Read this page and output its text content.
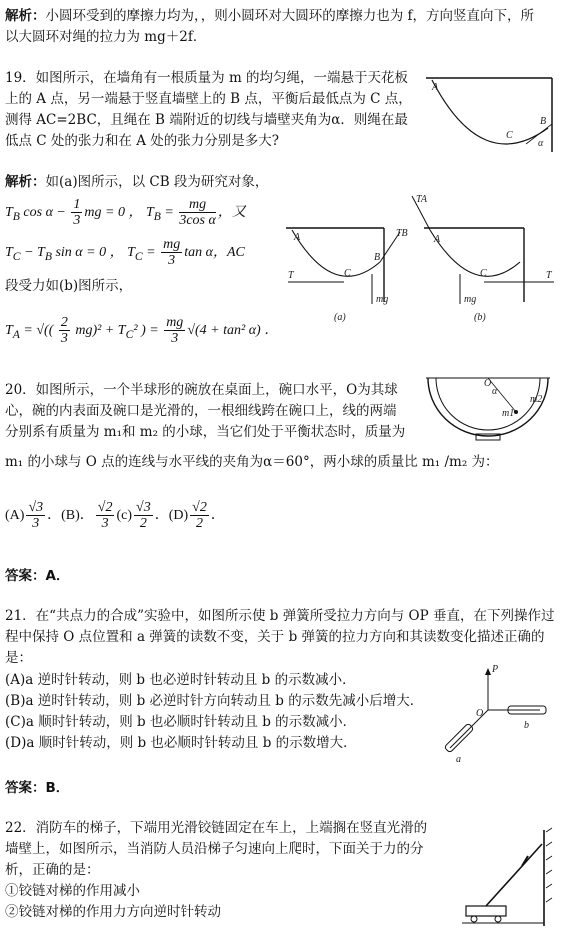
解析：小圆环受到的摩擦力均为，，则小圆环对大圆环的摩擦力也为 f，方向竖直向下，所
以大圆环对绳的拉力为 mg＋2f．
19．如图所示，在墙角有一根质量为 m 的均匀绳，一端悬于天花板
上的 A 点，另一端悬于竖直墙壁上的 B 点，平衡后最低点为 C 点，
测得 AC=2BC，且绳在 B 端附近的切线与墙壁夹角为α．则绳在最
低点 C 处的张力和在 A 处的张力分别是多大?
A
B
C
α
解析：如(a)图所示，以 CB 段为研究对象，
$T_B$ $\cos \alpha - \frac{1}{3}$ mg = 0 ， $T_B = \frac{mg}{\text{3cos α}}$ ，又
$T_C - T_B$ sin α = 0 ， $T_C = \frac{mg}{3}$ tan α，AC
段受力如(b)图所示，
$T_A$ = √(( $\frac{2}{3} mg)^2 + T_C^2$ ) = $\frac{mg}{3} √(4 + \tan^2$ α) ．
A
C
B
TB
T
mg
(a)
TA
A
C
mg
T
(b)
20．如图所示，一个半球形的碗放在桌面上，碗口水平，O为其球
心，碗的内表面及碗口是光滑的，一根细线跨在碗口上，线的两端
分别系有质量为 m₁和 m₂ 的小球，当它们处于平衡状态时，质量为
m₁ 的小球与 O 点的连线与水平线的夹角为α＝60°，两小球的质量比 m₁ /m₂ 为：
O
α
m1
m2
$(A) \frac{√3}{3}$ ．(B)． $\frac{√2}{3} (c) \frac{√3}{2}$ ．$(D) \frac{√2}{2}$ ．
答案：A．
21．在“共点力的合成”实验中，如图所示使 b 弹簧所受拉力方向与 OP 垂直，在下列操作过
程中保持 O 点位置和 a 弹簧的读数不变，关于 b 弹簧的拉力方向和其读数变化描述正确的
是：
(A)a 逆时针转动，则 b 也必逆时针转动且 b 的示数减小．
(B)a 逆时针转动，则 b 必逆时针方向转动且 b 的示数先减小后增大．
(C)a 顺时针转动，则 b 也必顺时针转动且 b 的示数减小．
(D)a 顺时针转动，则 b 也必顺时针转动且 b 的示数增大．
P
O
a
b
答案：B．
22．消防车的梯子，下端用光滑铰链固定在车上，上端搁在竖直光滑的
墙壁上，如图所示，当消防人员沿梯子匀速向上爬时，下面关于力的分
析，正确的是：
①铰链对梯的作用减小
②铰链对梯的作用力方向逆时针转动
